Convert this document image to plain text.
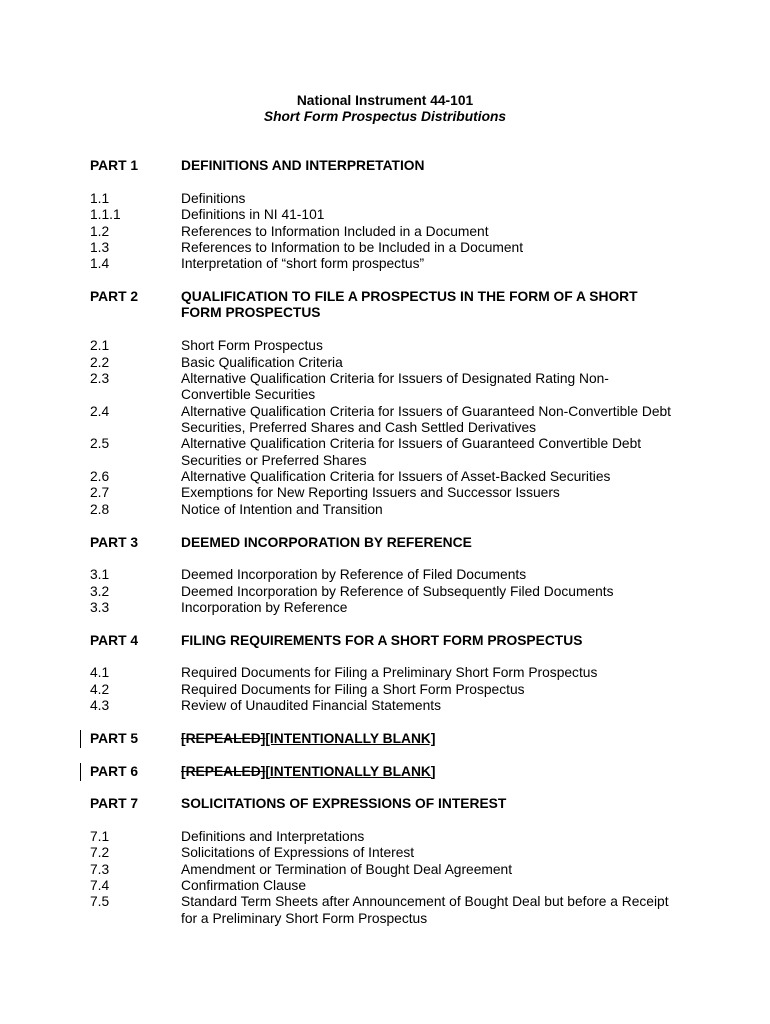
National Instrument 44-101
Short Form Prospectus Distributions
PART 1	DEFINITIONS AND INTERPRETATION
1.1	Definitions
1.1.1	Definitions in NI 41-101
1.2	References to Information Included in a Document
1.3	References to Information to be Included in a Document
1.4	Interpretation of “short form prospectus”
PART 2	QUALIFICATION TO FILE A PROSPECTUS IN THE FORM OF A SHORT
FORM PROSPECTUS
2.1	Short Form Prospectus
2.2	Basic Qualification Criteria
2.3	Alternative Qualification Criteria for Issuers of Designated Rating Non-
Convertible Securities
2.4	Alternative Qualification Criteria for Issuers of Guaranteed Non-Convertible Debt
Securities, Preferred Shares and Cash Settled Derivatives
2.5	Alternative Qualification Criteria for Issuers of Guaranteed Convertible Debt
Securities or Preferred Shares
2.6	Alternative Qualification Criteria for Issuers of Asset-Backed Securities
2.7	Exemptions for New Reporting Issuers and Successor Issuers
2.8	Notice of Intention and Transition
PART 3	DEEMED INCORPORATION BY REFERENCE
3.1	Deemed Incorporation by Reference of Filed Documents
3.2	Deemed Incorporation by Reference of Subsequently Filed Documents
3.3	Incorporation by Reference
PART 4	FILING REQUIREMENTS FOR A SHORT FORM PROSPECTUS
4.1	Required Documents for Filing a Preliminary Short Form Prospectus
4.2	Required Documents for Filing a Short Form Prospectus
4.3	Review of Unaudited Financial Statements
PART 5	[REPEALED][INTENTIONALLY BLANK]
PART 6	[REPEALED][INTENTIONALLY BLANK]
PART 7	SOLICITATIONS OF EXPRESSIONS OF INTEREST
7.1	Definitions and Interpretations
7.2	Solicitations of Expressions of Interest
7.3	Amendment or Termination of Bought Deal Agreement
7.4	Confirmation Clause
7.5	Standard Term Sheets after Announcement of Bought Deal but before a Receipt
for a Preliminary Short Form Prospectus
